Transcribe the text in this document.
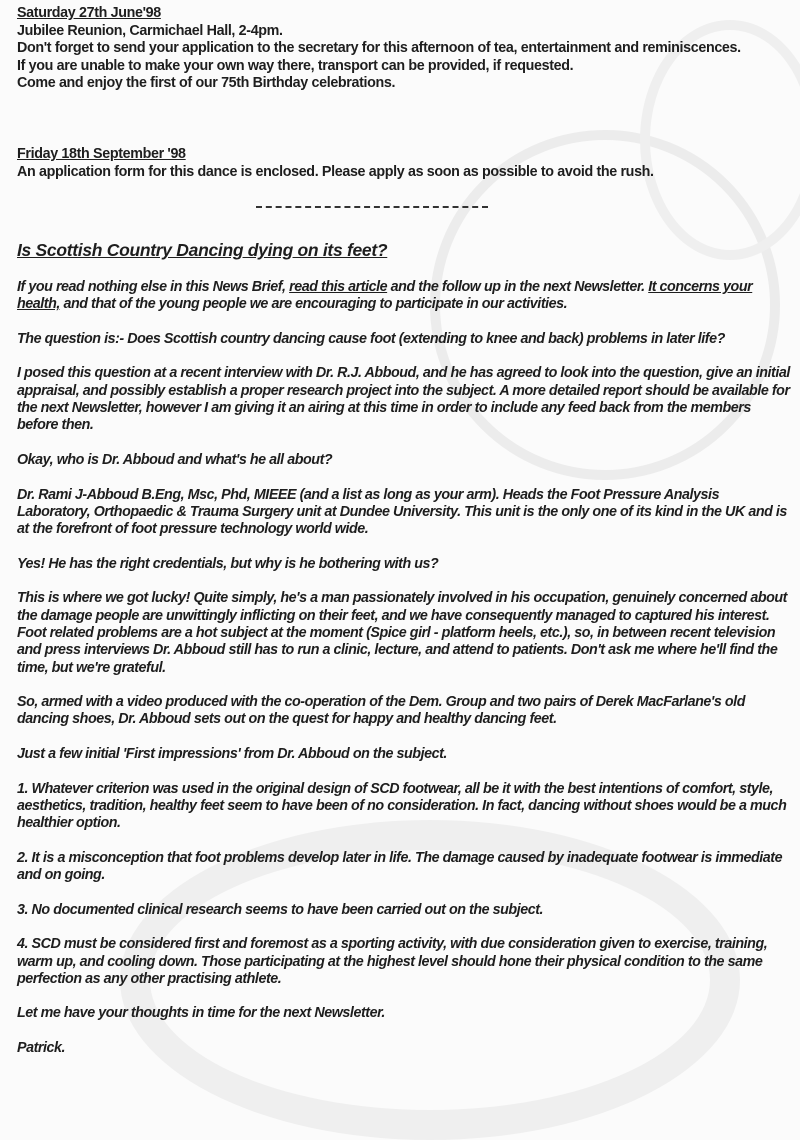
Saturday 27th June'98

Jubilee Reunion, Carmichael Hall, 2-4pm.

Don't forget to send your application to the secretary for this afternoon of tea, entertainment and reminiscences.

If you are unable to make your own way there, transport can be provided, if requested.

Come and enjoy the first of our 75th Birthday celebrations.

Friday 18th September '98

An application form for this dance is enclosed. Please apply as soon as possible to avoid the rush.

Is Scottish Country Dancing dying on its feet?

If you read nothing else in this News Brief, read this article and the follow up in the next Newsletter. It concerns your health, and that of the young people we are encouraging to participate in our activities.

The question is:- Does Scottish country dancing cause foot (extending to knee and back) problems in later life?

I posed this question at a recent interview with Dr. R.J. Abboud, and he has agreed to look into the question, give an initial appraisal, and possibly establish a proper research project into the subject. A more detailed report should be available for the next Newsletter, however I am giving it an airing at this time in order to include any feed back from the members before then.

Okay, who is Dr. Abboud and what's he all about?

Dr. Rami J-Abboud B.Eng, Msc, Phd, MIEEE (and a list as long as your arm). Heads the Foot Pressure Analysis Laboratory, Orthopaedic & Trauma Surgery unit at Dundee University. This unit is the only one of its kind in the UK and is at the forefront of foot pressure technology world wide.

Yes! He has the right credentials, but why is he bothering with us?

This is where we got lucky! Quite simply, he's a man passionately involved in his occupation, genuinely concerned about the damage people are unwittingly inflicting on their feet, and we have consequently managed to captured his interest.

Foot related problems are a hot subject at the moment (Spice girl - platform heels, etc.), so, in between recent television and press interviews Dr. Abboud still has to run a clinic, lecture, and attend to patients. Don't ask me where he'll find the time, but we're grateful.

So, armed with a video produced with the co-operation of the Dem. Group and two pairs of Derek MacFarlane's old dancing shoes, Dr. Abboud sets out on the quest for happy and healthy dancing feet.

Just a few initial 'First impressions' from Dr. Abboud on the subject.

1. Whatever criterion was used in the original design of SCD footwear, all be it with the best intentions of comfort, style, aesthetics, tradition, healthy feet seem to have been of no consideration. In fact, dancing without shoes would be a much healthier option.

2. It is a misconception that foot problems develop later in life. The damage caused by inadequate footwear is immediate and on going.

3. No documented clinical research seems to have been carried out on the subject.

4. SCD must be considered first and foremost as a sporting activity, with due consideration given to exercise, training, warm up, and cooling down. Those participating at the highest level should hone their physical condition to the same perfection as any other practising athlete.

Let me have your thoughts in time for the next Newsletter.

Patrick.
